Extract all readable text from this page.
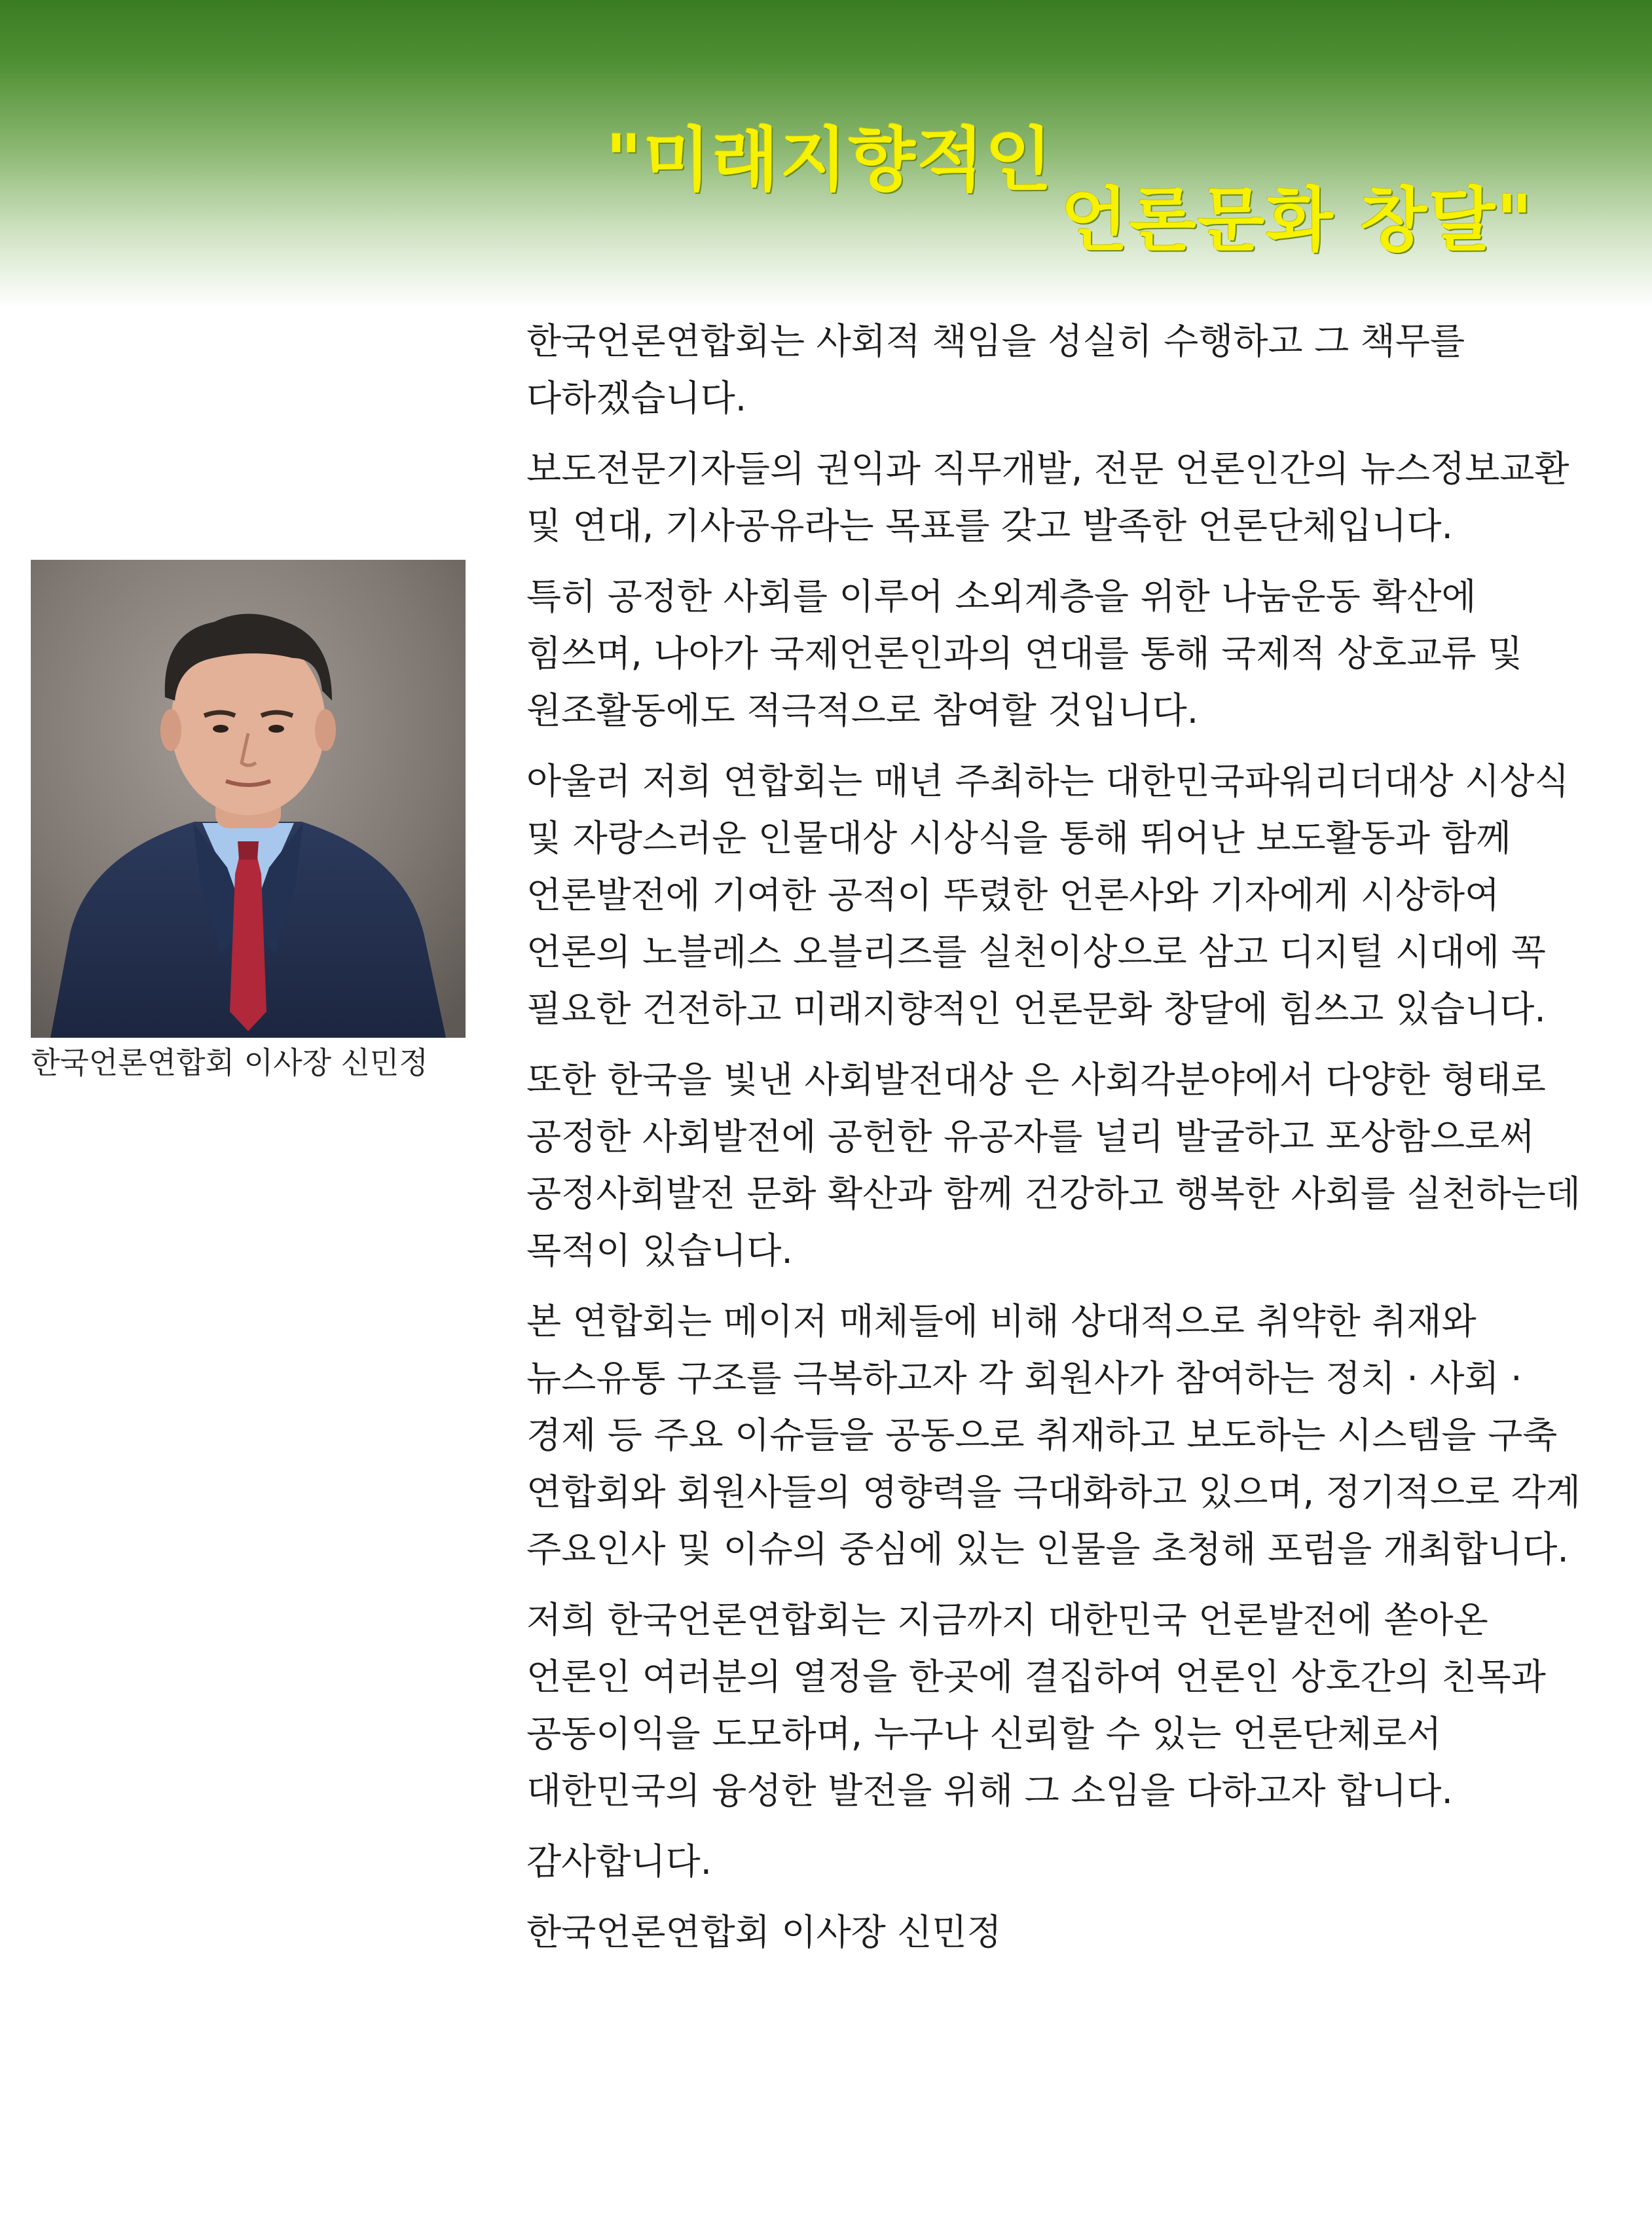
"미래지향적인
언론문화 창달"
한국언론연합회 이사장 신민정

한국언론연합회는 사회적 책임을 성실히 수행하고 그 책무를 다하겠습니다.

보도전문기자들의 권익과 직무개발, 전문 언론인간의 뉴스정보교환 및 연대, 기사공유라는 목표를 갖고 발족한 언론단체입니다.

특히 공정한 사회를 이루어 소외계층을 위한 나눔운동 확산에 힘쓰며, 나아가 국제언론인과의 연대를 통해 국제적 상호교류 및 원조활동에도 적극적으로 참여할 것입니다.

아울러 저희 연합회는 매년 주최하는 대한민국파워리더대상 시상식 및 자랑스러운 인물대상 시상식을 통해 뛰어난 보도활동과 함께 언론발전에 기여한 공적이 뚜렸한 언론사와 기자에게 시상하여 언론의 노블레스 오블리즈를 실천이상으로 삼고 디지털 시대에 꼭 필요한 건전하고 미래지향적인 언론문화 창달에 힘쓰고 있습니다.

또한 한국을 빛낸 사회발전대상 은 사회각분야에서 다양한 형태로 공정한 사회발전에 공헌한 유공자를 널리 발굴하고 포상함으로써 공정사회발전 문화 확산과 함께 건강하고 행복한 사회를 실천하는데 목적이 있습니다.

본 연합회는 메이저 매체들에 비해 상대적으로 취약한 취재와 뉴스유통 구조를 극복하고자 각 회원사가 참여하는 정치 · 사회 · 경제 등 주요 이슈들을 공동으로 취재하고 보도하는 시스템을 구축 연합회와 회원사들의 영향력을 극대화하고 있으며, 정기적으로 각계 주요인사 및 이슈의 중심에 있는 인물을 초청해 포럼을 개최합니다.

저희 한국언론연합회는 지금까지 대한민국 언론발전에 쏟아온 언론인 여러분의 열정을 한곳에 결집하여 언론인 상호간의 친목과 공동이익을 도모하며, 누구나 신뢰할 수 있는 언론단체로서 대한민국의 융성한 발전을 위해 그 소임을 다하고자 합니다.

감사합니다.

한국언론연합회 이사장 신민정
